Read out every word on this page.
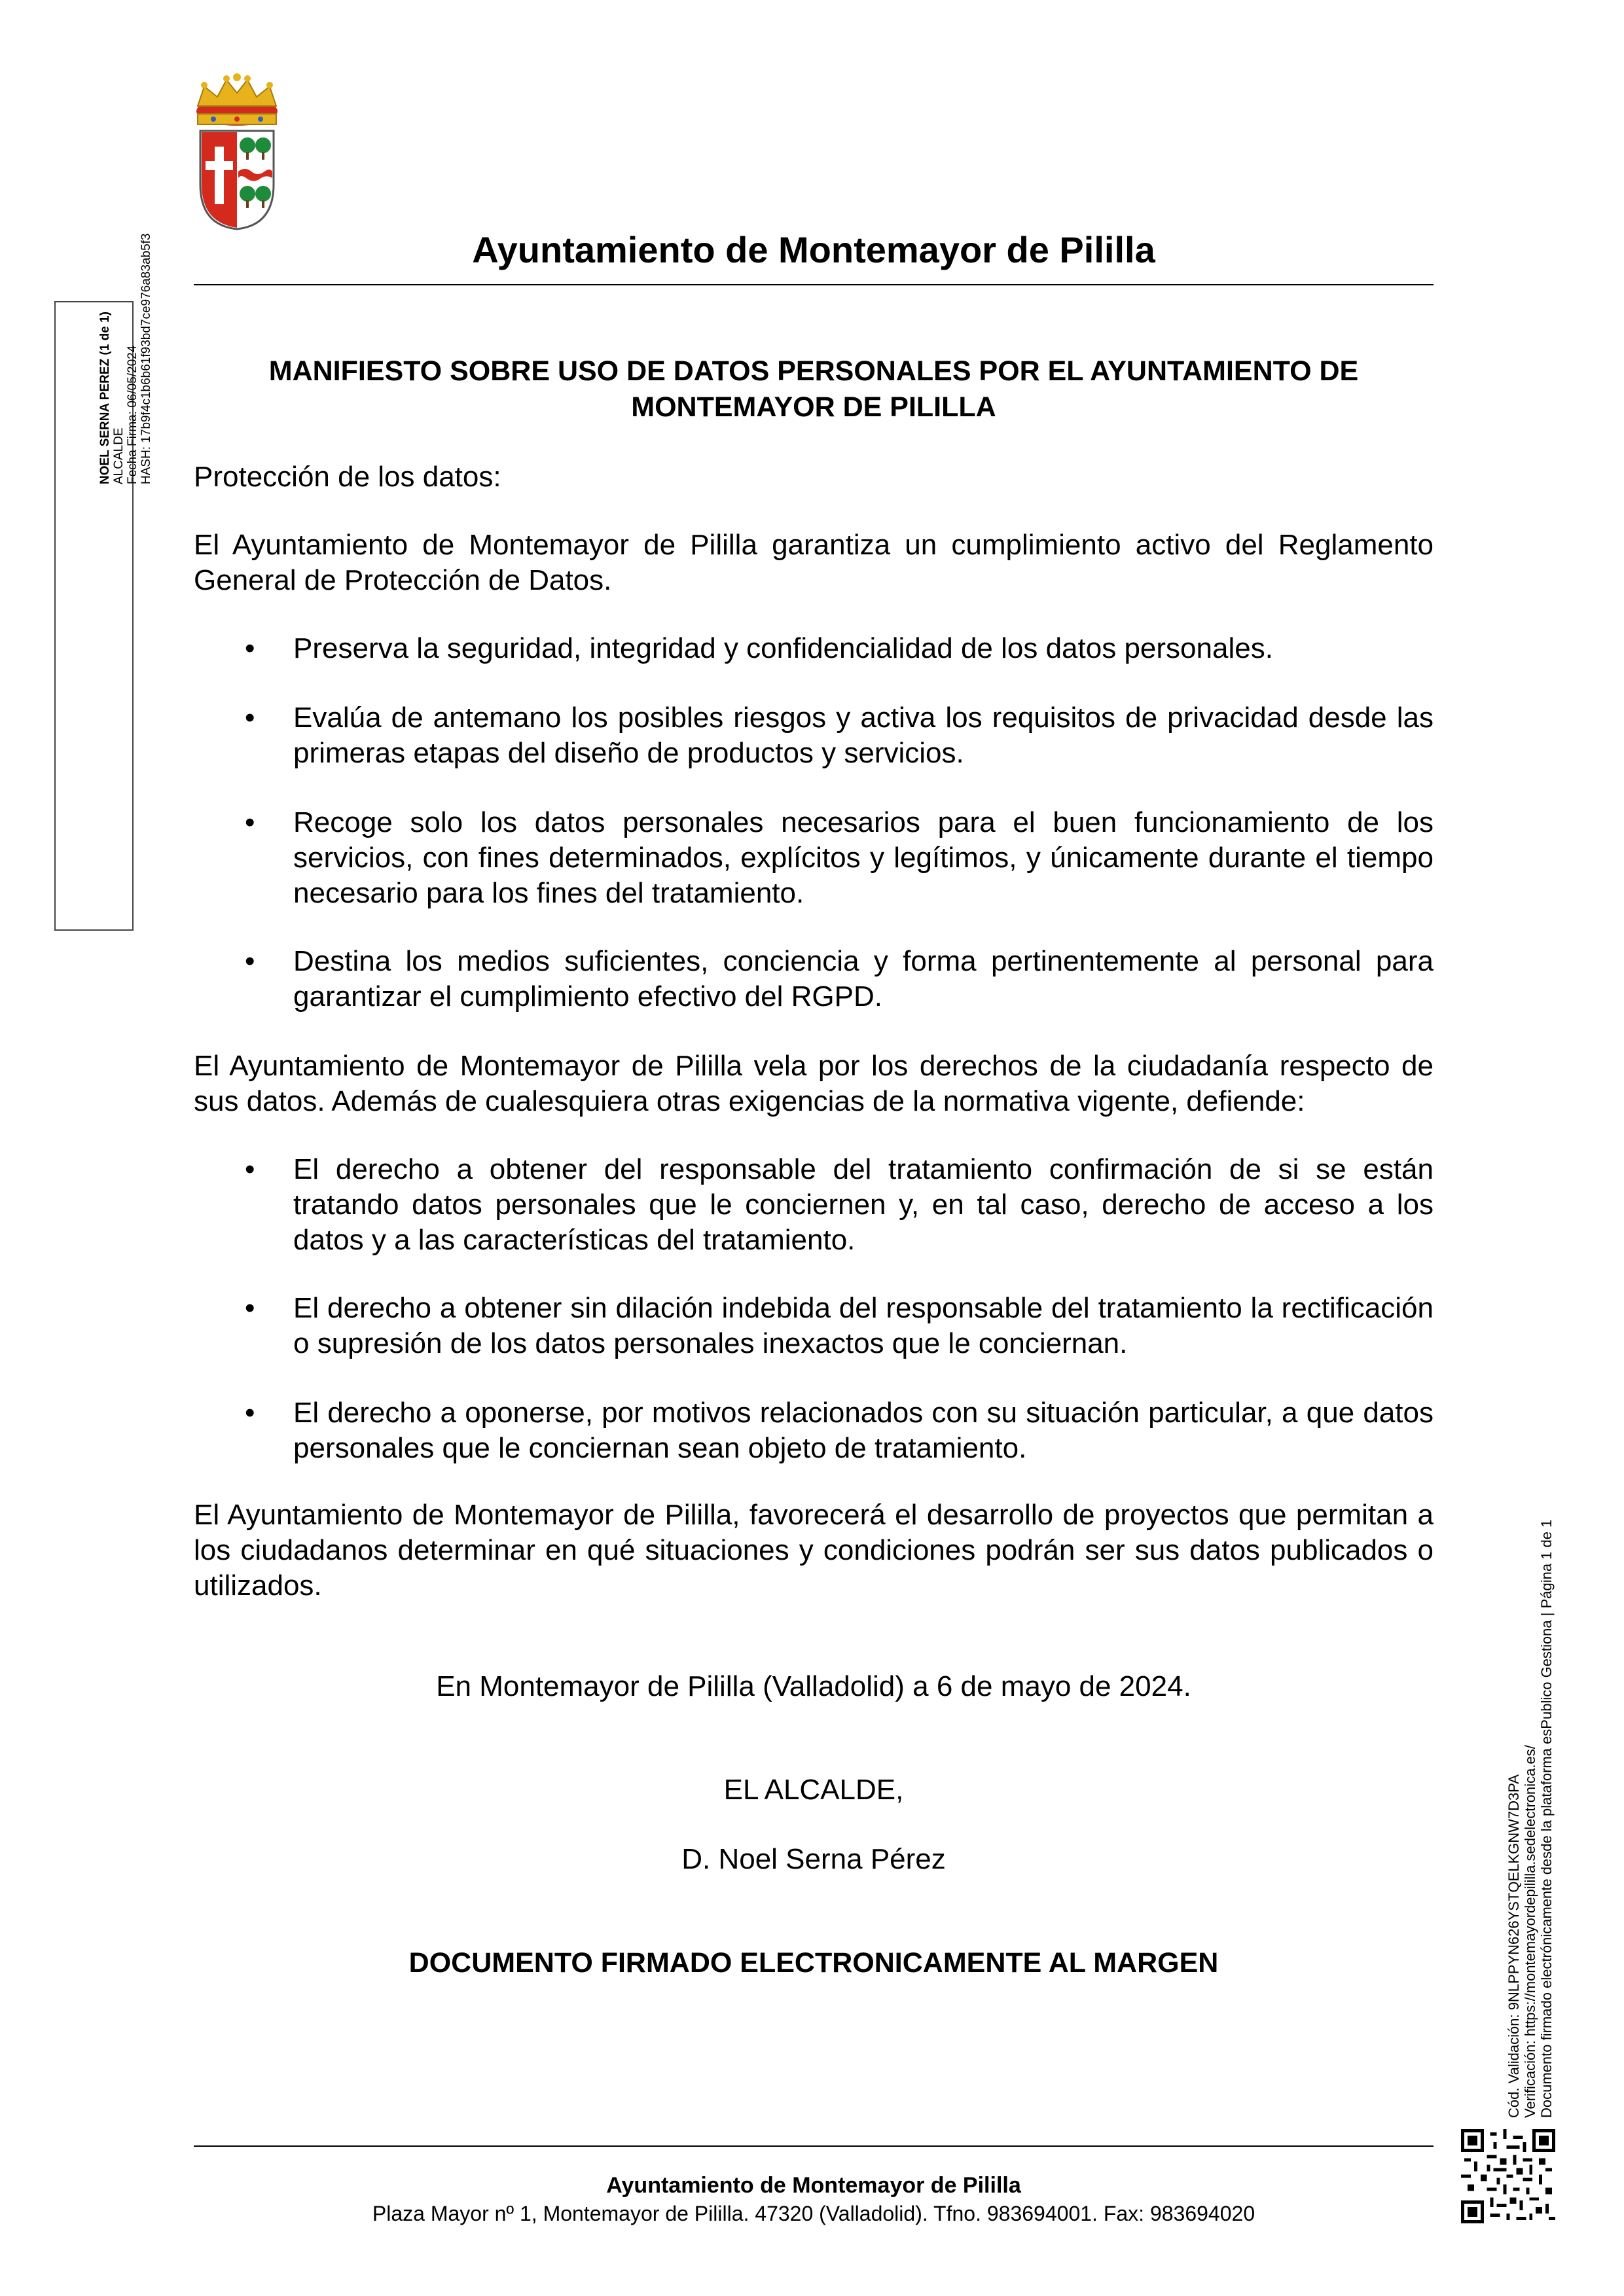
Ayuntamiento de Montemayor de Pililla
NOEL SERNA PEREZ (1 de 1) ALCALDE Fecha Firma: 06/05/2024 HASH: 17b9f4c1b6b61f93bd7ce976a83ab5f3
Cód. Validación: 9NLPPYN626YSTQELKGNW7D3PA Verificación: https://montemayordepililla.sedelectronica.es/ Documento firmado electrónicamente desde la plataforma esPublico Gestiona | Página 1 de 1
MANIFIESTO SOBRE USO DE DATOS PERSONALES POR EL AYUNTAMIENTO DE MONTEMAYOR DE PILILLA
Protección de los datos:
El Ayuntamiento de Montemayor de Pililla garantiza un cumplimiento activo del Reglamento General de Protección de Datos.
• Preserva la seguridad, integridad y confidencialidad de los datos personales.
• Evalúa de antemano los posibles riesgos y activa los requisitos de privacidad desde las primeras etapas del diseño de productos y servicios.
• Recoge solo los datos personales necesarios para el buen funcionamiento de los servicios, con fines determinados, explícitos y legítimos, y únicamente durante el tiempo necesario para los fines del tratamiento.
• Destina los medios suficientes, conciencia y forma pertinentemente al personal para garantizar el cumplimiento efectivo del RGPD.
El Ayuntamiento de Montemayor de Pililla vela por los derechos de la ciudadanía respecto de sus datos. Además de cualesquiera otras exigencias de la normativa vigente, defiende:
• El derecho a obtener del responsable del tratamiento confirmación de si se están tratando datos personales que le conciernen y, en tal caso, derecho de acceso a los datos y a las características del tratamiento.
• El derecho a obtener sin dilación indebida del responsable del tratamiento la rectificación o supresión de los datos personales inexactos que le conciernan.
• El derecho a oponerse, por motivos relacionados con su situación particular, a que datos personales que le conciernan sean objeto de tratamiento.
El Ayuntamiento de Montemayor de Pililla, favorecerá el desarrollo de proyectos que permitan a los ciudadanos determinar en qué situaciones y condiciones podrán ser sus datos publicados o utilizados.
En Montemayor de Pililla (Valladolid) a 6 de mayo de 2024.
EL ALCALDE,
D. Noel Serna Pérez
DOCUMENTO FIRMADO ELECTRONICAMENTE AL MARGEN
Ayuntamiento de Montemayor de Pililla
Plaza Mayor nº 1, Montemayor de Pililla. 47320 (Valladolid). Tfno. 983694001. Fax: 983694020
